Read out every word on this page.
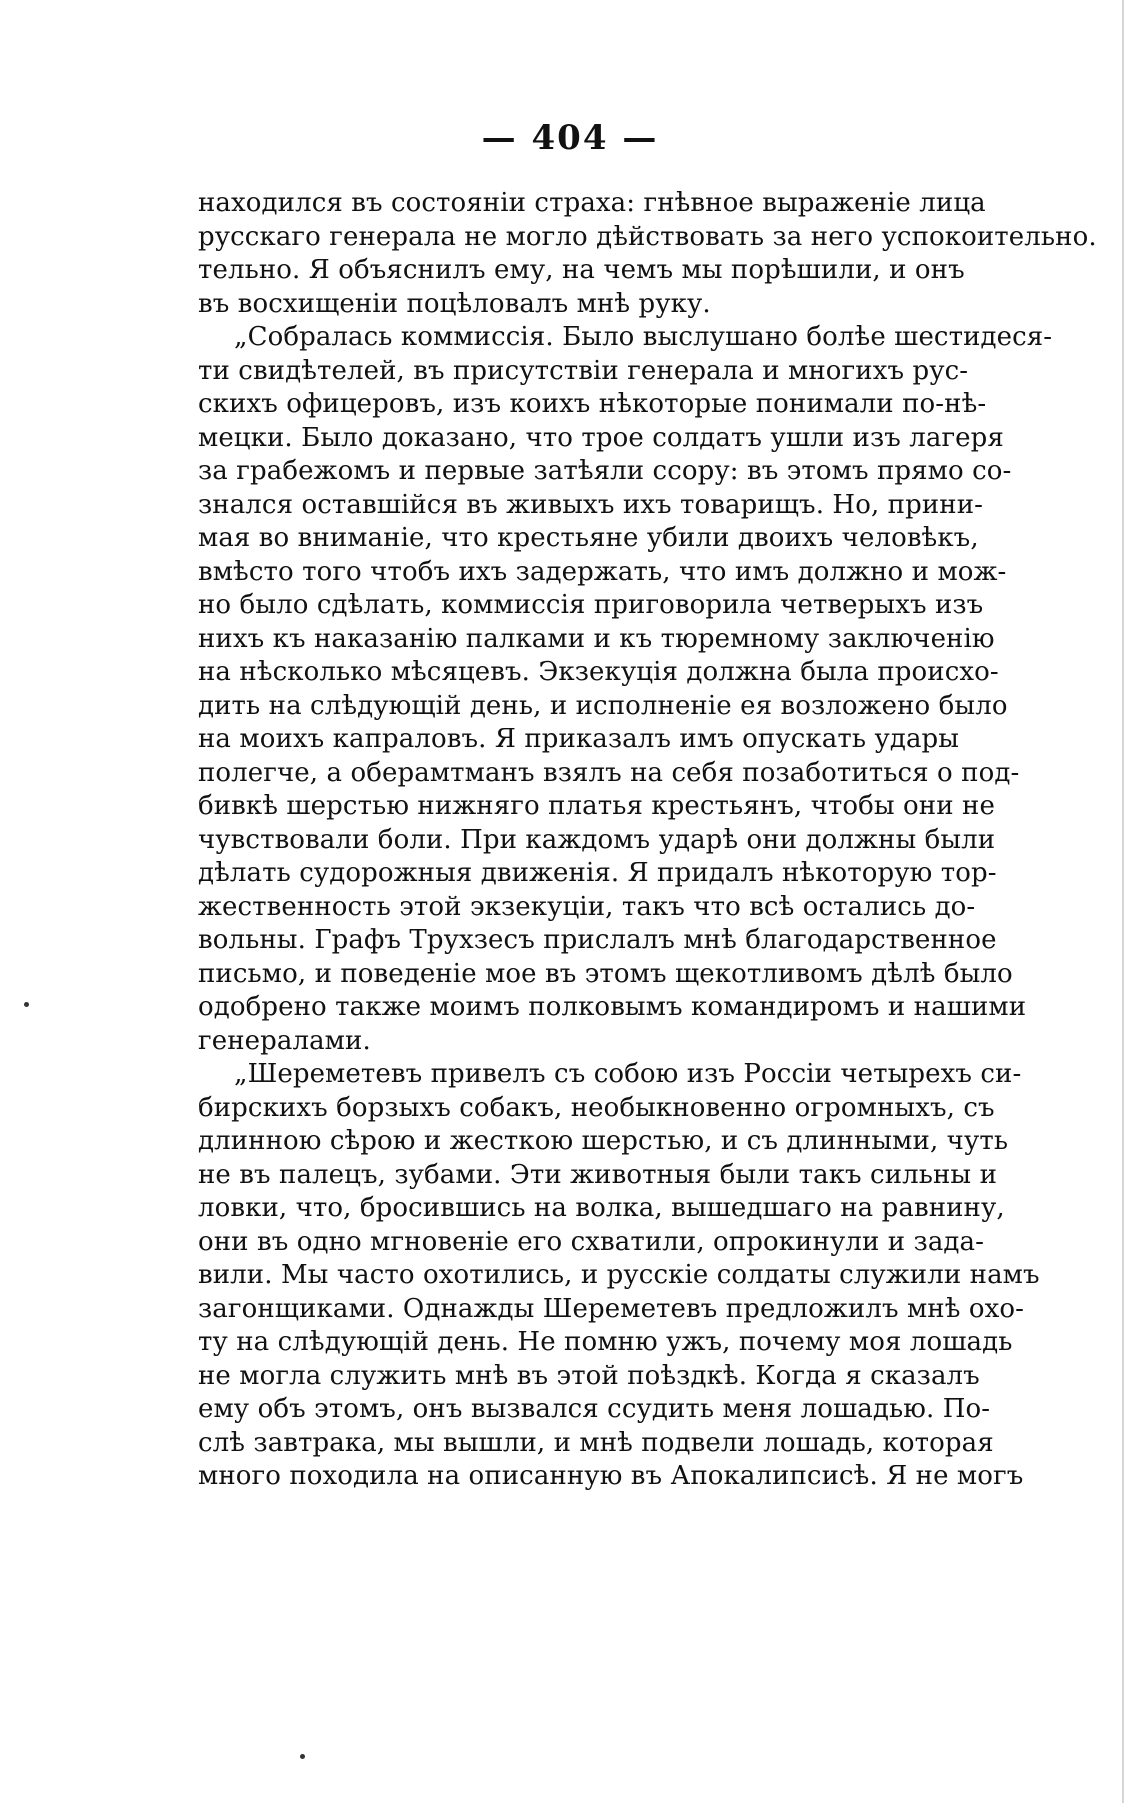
— 404 —
находился въ состояніи страха: гнѣвное выраженіе лица
русскаго генерала не могло дѣйствовать за него успокоительно.
тельно. Я объяснилъ ему, на чемъ мы порѣшили, и онъ
въ восхищеніи поцѣловалъ мнѣ руку.
„Собралась коммиссія. Было выслушано болѣе шестидеся-
ти свидѣтелей, въ присутствіи генерала и многихъ рус-
скихъ офицеровъ, изъ коихъ нѣкоторые понимали по-нѣ-
мецки. Было доказано, что трое солдатъ ушли изъ лагеря
за грабежомъ и первые затѣяли ссору: въ этомъ прямо со-
знался оставшійся въ живыхъ ихъ товарищъ. Но, прини-
мая во вниманіе, что крестьяне убили двоихъ человѣкъ,
вмѣсто того чтобъ ихъ задержать, что имъ должно и мож-
но было сдѣлать, коммиссія приговорила четверыхъ изъ
нихъ къ наказанію палками и къ тюремному заключенію
на нѣсколько мѣсяцевъ. Экзекуція должна была происхо-
дить на слѣдующій день, и исполненіе ея возложено было
на моихъ капраловъ. Я приказалъ имъ опускать удары
полегче, а оберамтманъ взялъ на себя позаботиться о под-
бивкѣ шерстью нижняго платья крестьянъ, чтобы они не
чувствовали боли. При каждомъ ударѣ они должны были
дѣлать судорожныя движенія. Я придалъ нѣкоторую тор-
жественность этой экзекуціи, такъ что всѣ остались до-
вольны. Графъ Трухзесъ прислалъ мнѣ благодарственное
письмо, и поведеніе мое въ этомъ щекотливомъ дѣлѣ было
одобрено также моимъ полковымъ командиромъ и нашими
генералами.
„Шереметевъ привелъ съ собою изъ Россіи четырехъ си-
бирскихъ борзыхъ собакъ, необыкновенно огромныхъ, съ
длинною сѣрою и жесткою шерстью, и съ длинными, чуть
не въ палецъ, зубами. Эти животныя были такъ сильны и
ловки, что, бросившись на волка, вышедшаго на равнину,
они въ одно мгновеніе его схватили, опрокинули и зада-
вили. Мы часто охотились, и русскіе солдаты служили намъ
загонщиками. Однажды Шереметевъ предложилъ мнѣ охо-
ту на слѣдующій день. Не помню ужъ, почему моя лошадь
не могла служить мнѣ въ этой поѣздкѣ. Когда я сказалъ
ему объ этомъ, онъ вызвался ссудить меня лошадью. По-
слѣ завтрака, мы вышли, и мнѣ подвели лошадь, которая
много походила на описанную въ Апокалипсисѣ. Я не могъ
